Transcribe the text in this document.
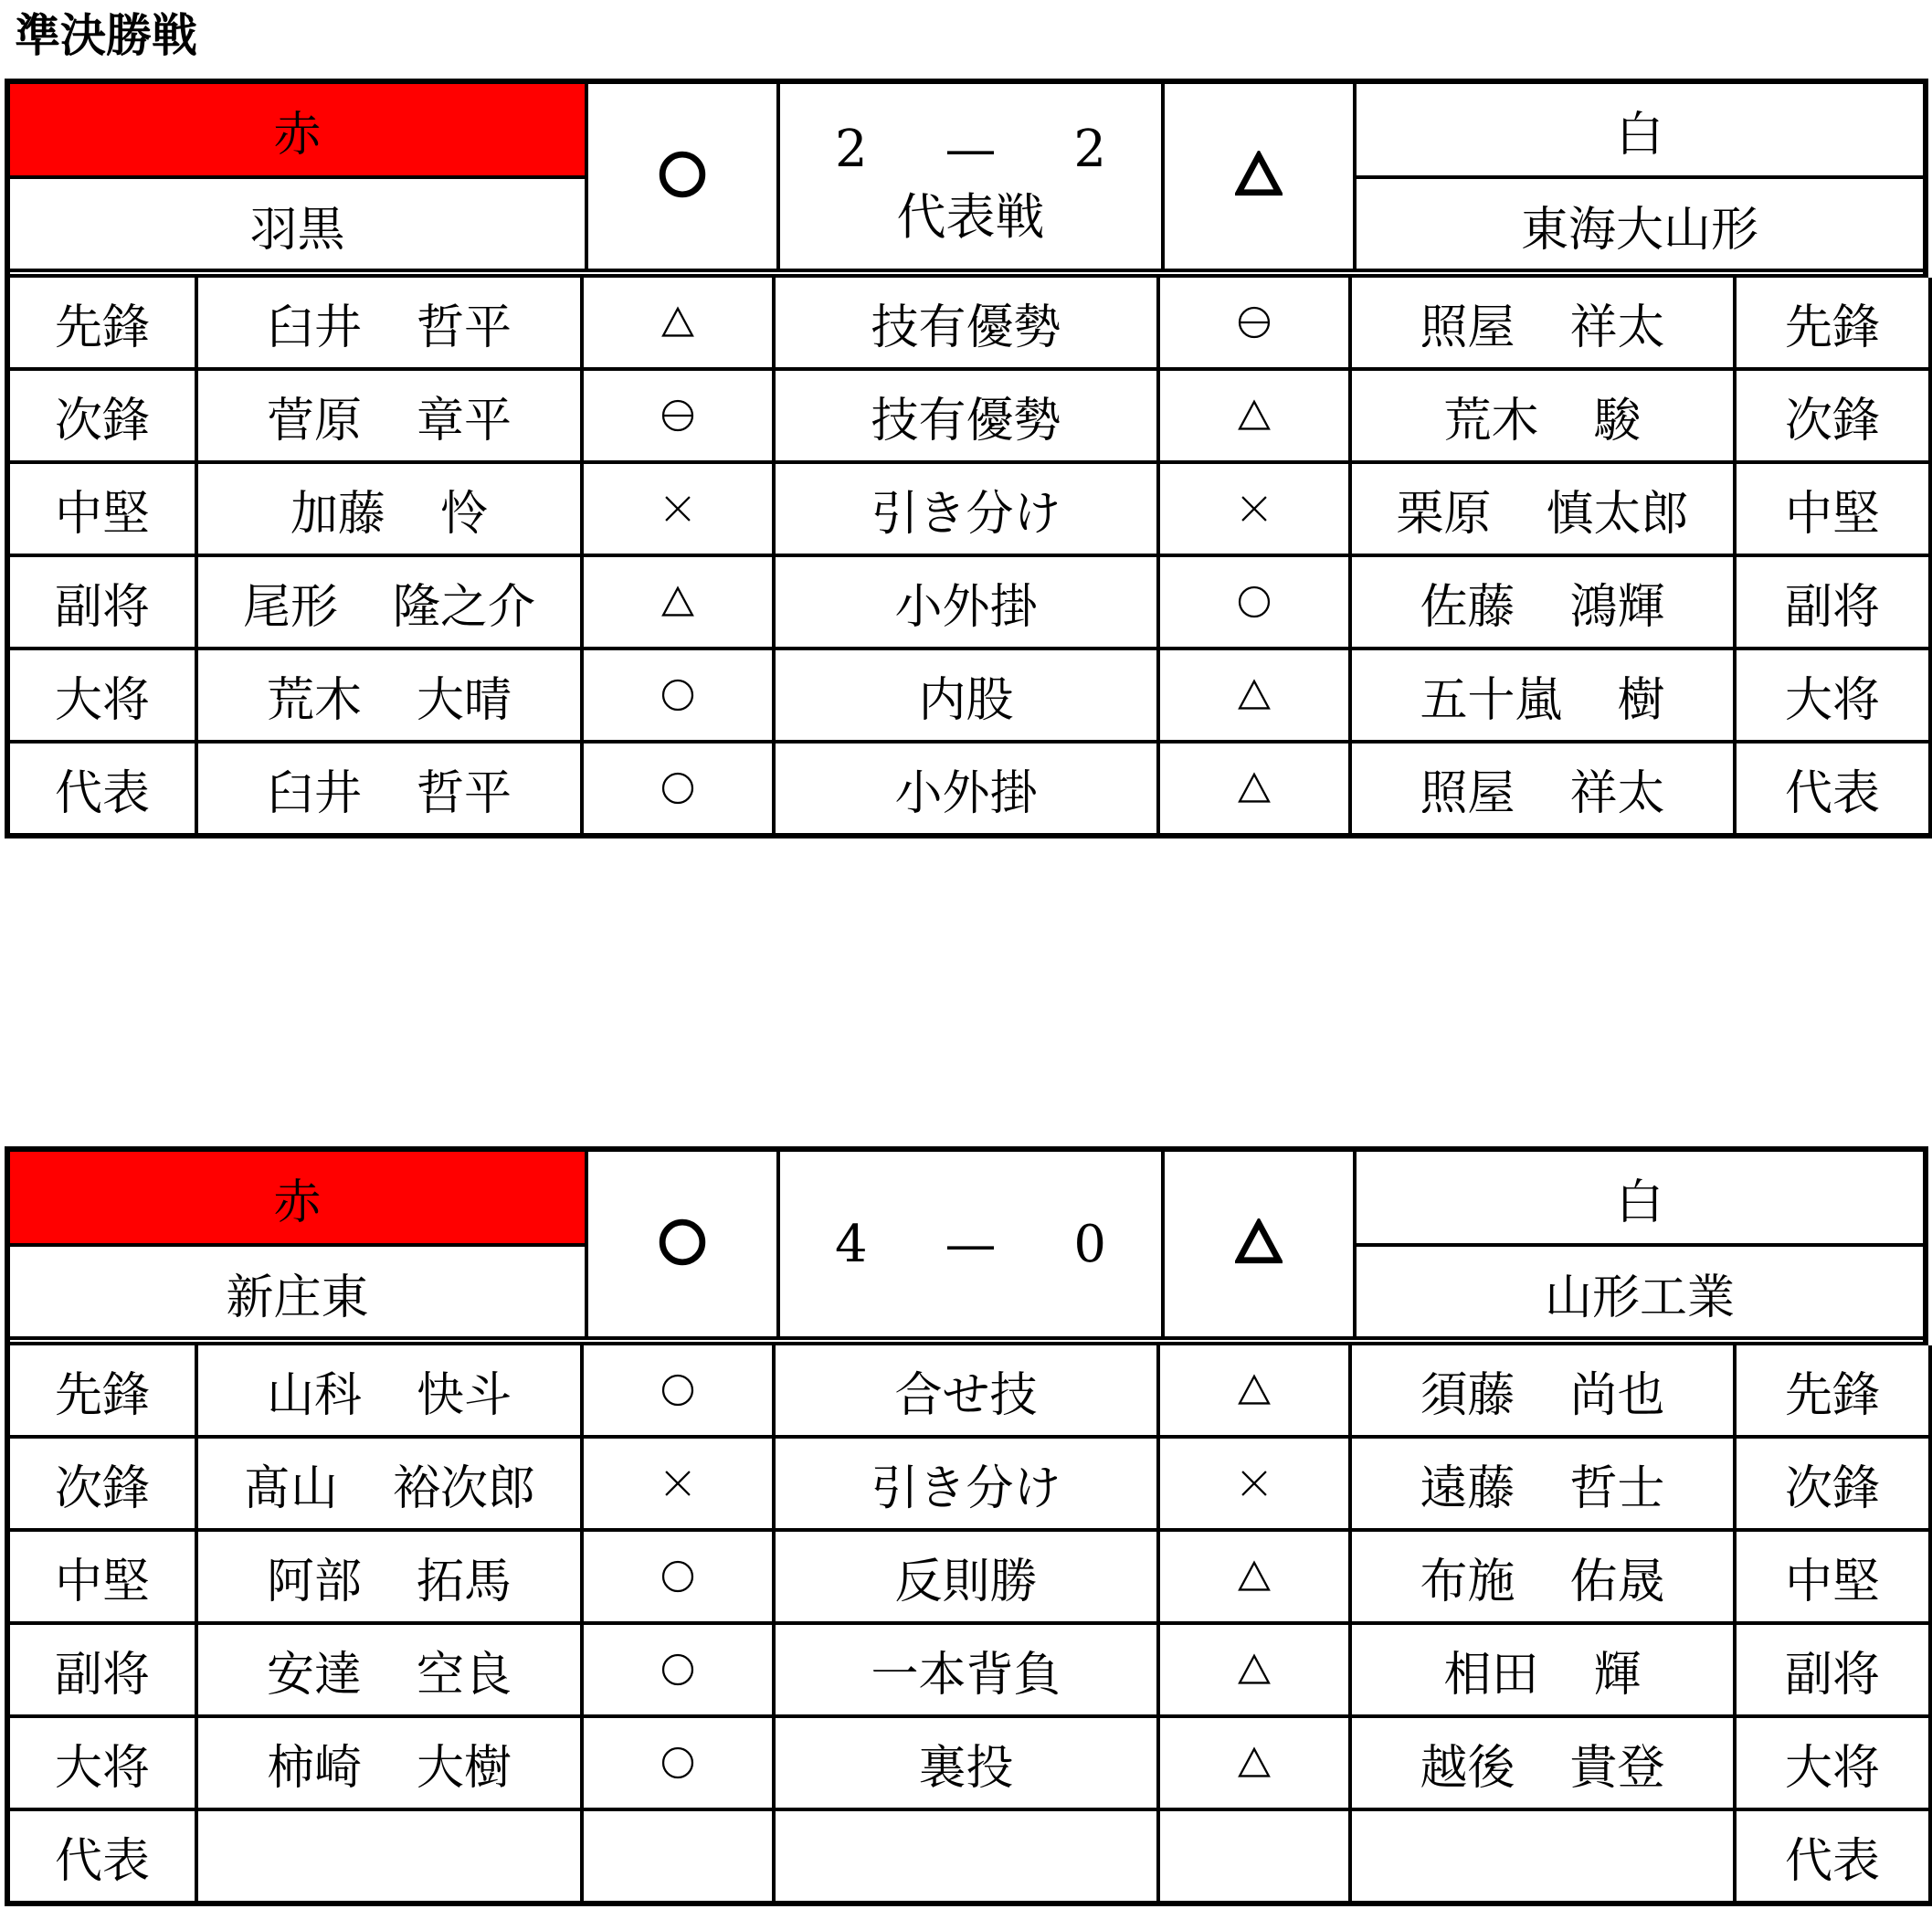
準決勝戦
赤
羽黒
2 — 2
代表戦
白
東海大山形
先鋒	臼井 哲平		技有優勢		照屋 祥太	先鋒
次鋒	菅原 章平		技有優勢		荒木 駿	次鋒
中堅	加藤 怜		引き分け		栗原 慎太郎	中堅
副将	尾形 隆之介		小外掛		佐藤 鴻輝	副将
大将	荒木 大晴		内股		五十嵐 樹	大将
代表	臼井 哲平		小外掛		照屋 祥太	代表
赤
新庄東
4 — 0
白
山形工業
先鋒	山科 快斗		合せ技		須藤 尚也	先鋒
次鋒	髙山 裕次郎		引き分け		遠藤 哲士	次鋒
中堅	阿部 拓馬		反則勝		布施 佑晟	中堅
副将	安達 空良		一本背負		相田 輝	副将
大将	柿崎 大樹		裏投		越後 貴登	大将
代表						代表
